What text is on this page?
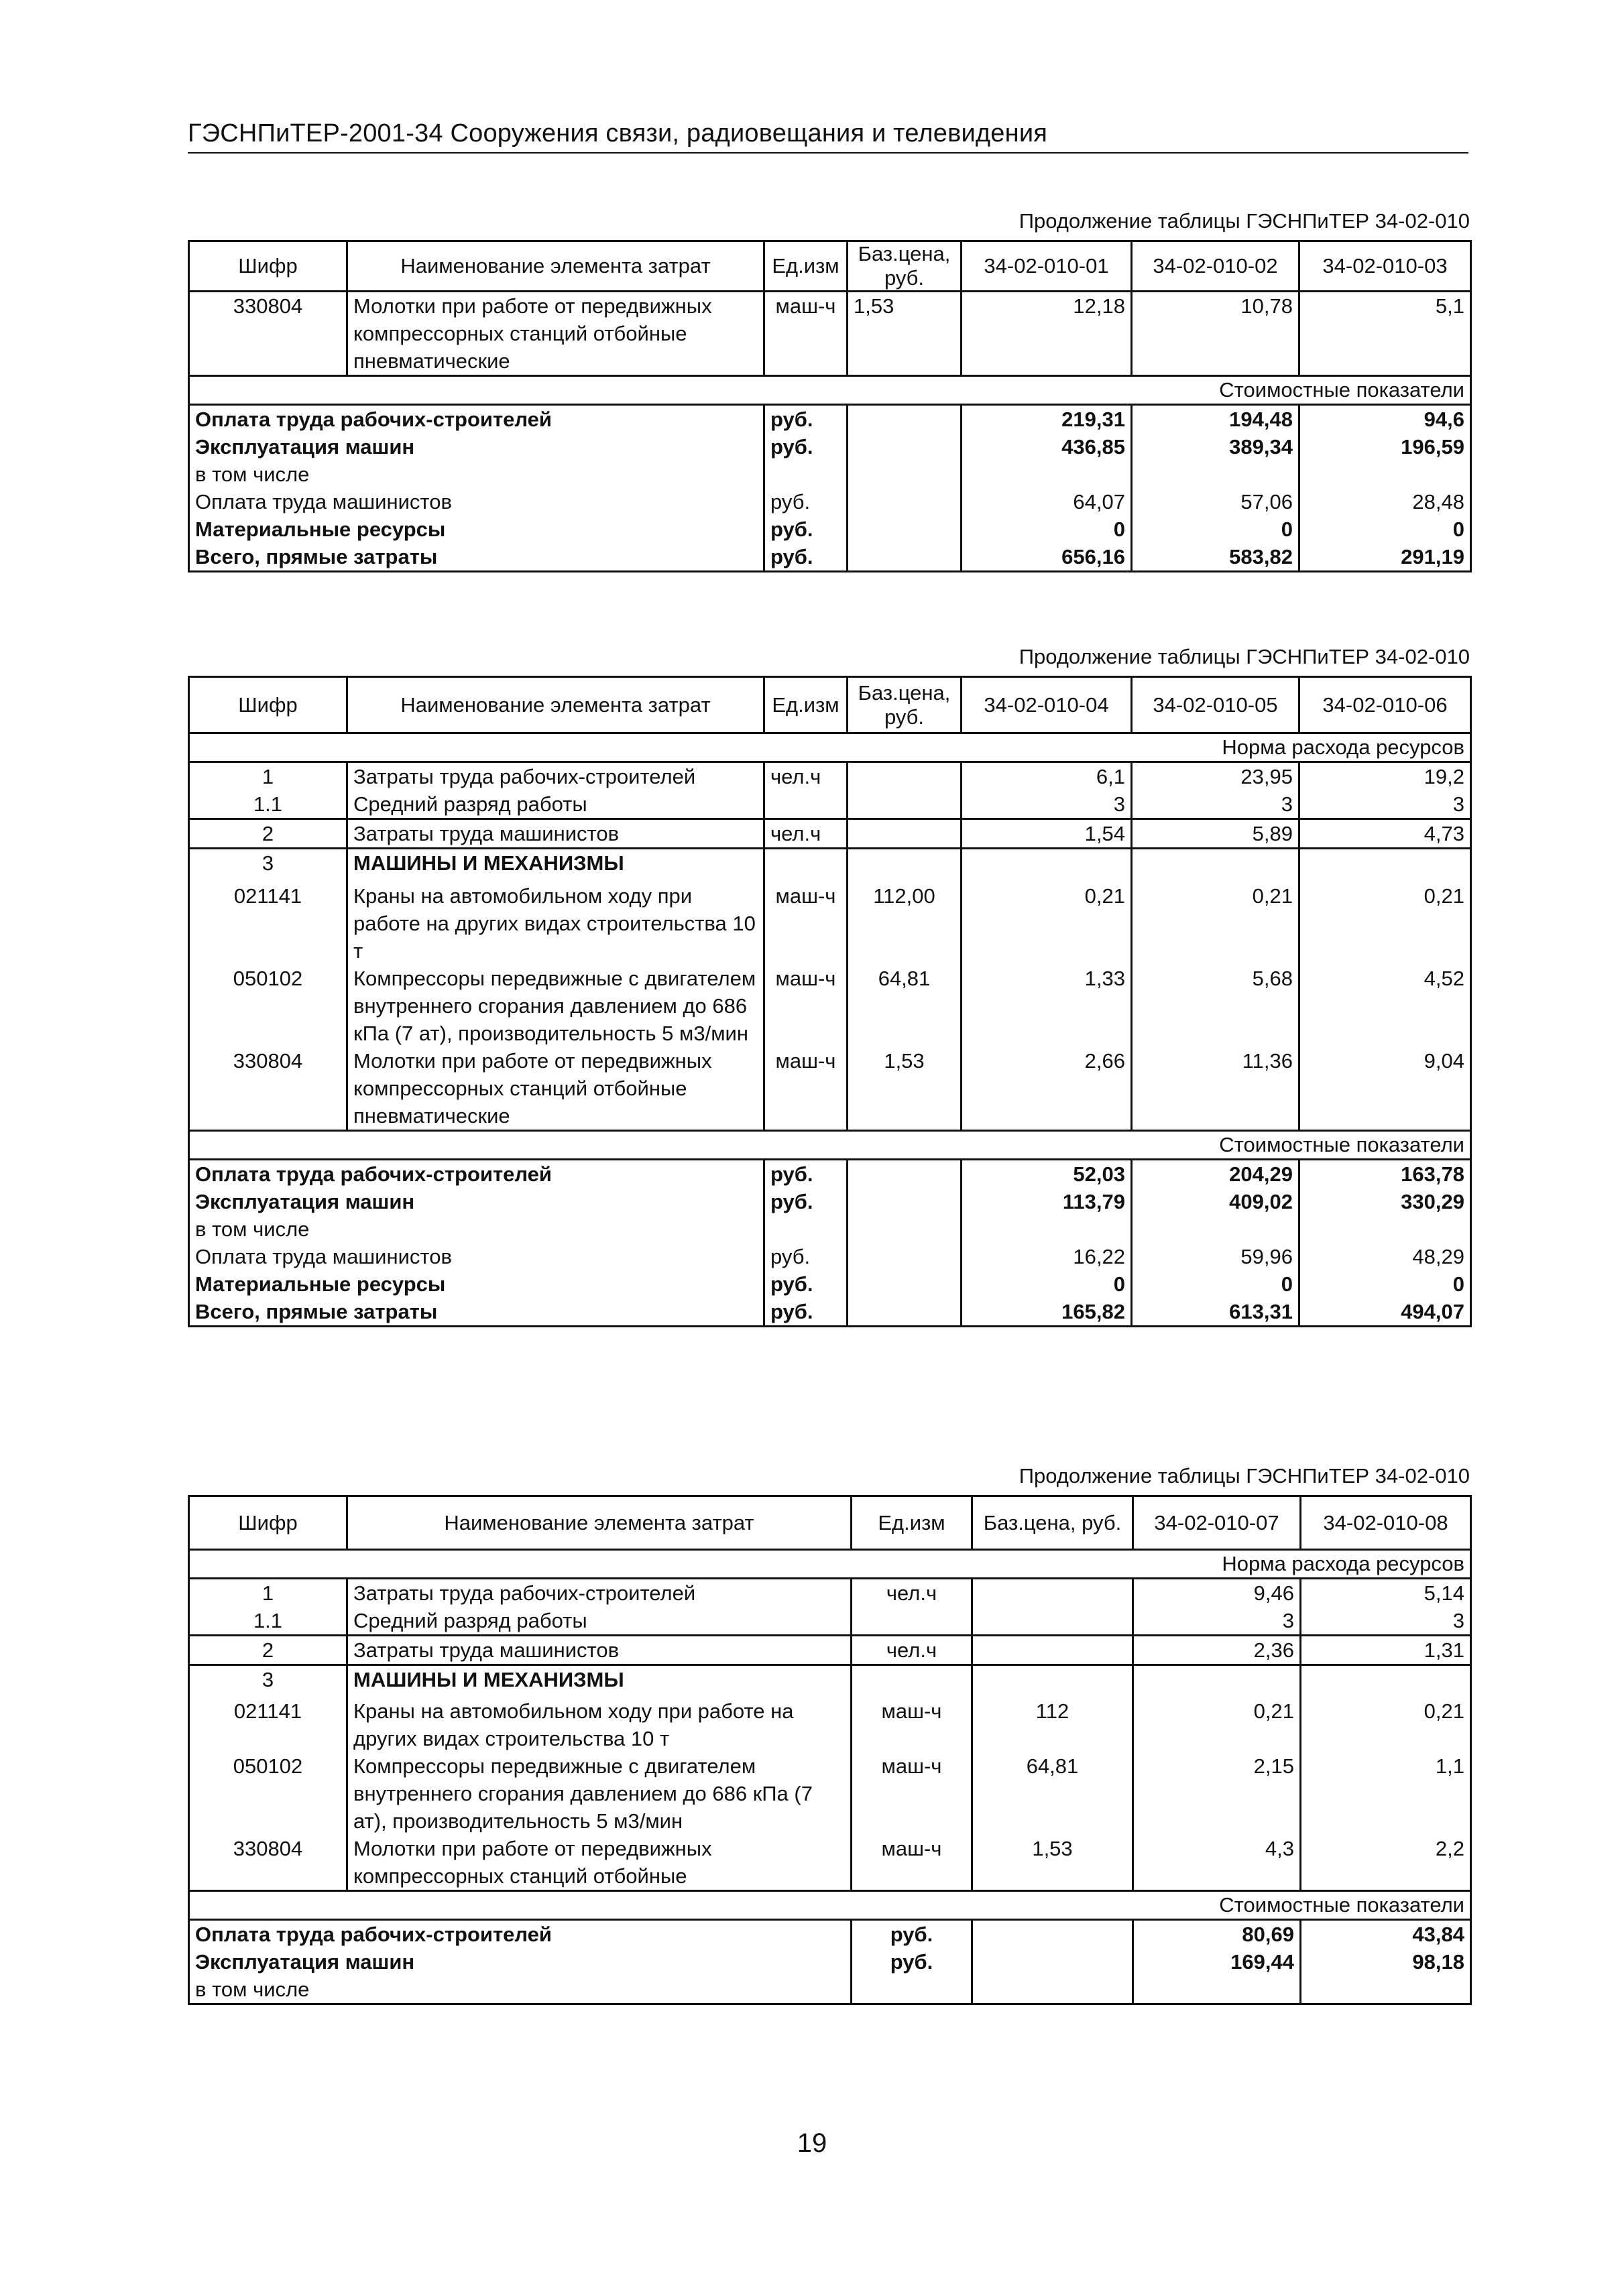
ГЭСНПиТЕР-2001-34 Сооружения связи, радиовещания и телевидения
Продолжение таблицы ГЭСНПиТЕР 34-02-010
Шифр	Наименование элемента затрат	Ед.изм	Баз.цена, руб.	34-02-010-01	34-02-010-02	34-02-010-03
330804	Молотки при работе от передвижных компрессорных станций отбойные пневматические	маш-ч	1,53	12,18	10,78	5,1
Стоимостные показатели						
Оплата труда рабочих-строителей		руб.		219,31	194,48	94,6
Эксплуатация машин		руб.		436,85	389,34	196,59
в том числе						
Оплата труда машинистов		руб.		64,07	57,06	28,48
Материальные ресурсы		руб.		0	0	0
Всего, прямые затраты		руб.		656,16	583,82	291,19
Продолжение таблицы ГЭСНПиТЕР 34-02-010
Шифр	Наименование элемента затрат	Ед.изм	Баз.цена, руб.	34-02-010-04	34-02-010-05	34-02-010-06
Норма расхода ресурсов						
1	Затраты труда рабочих-строителей	чел.ч		6,1	23,95	19,2
1.1	Средний разряд работы			3	3	3
2	Затраты труда машинистов	чел.ч		1,54	5,89	4,73
3	МАШИНЫ И МЕХАНИЗМЫ					
021141	Краны на автомобильном ходу при работе на других видах строительства 10 т	маш-ч	112,00	0,21	0,21	0,21
050102	Компрессоры передвижные с двигателем внутреннего сгорания давлением до 686 кПа (7 ат), производительность 5 м3/мин	маш-ч	64,81	1,33	5,68	4,52
330804	Молотки при работе от передвижных компрессорных станций отбойные пневматические	маш-ч	1,53	2,66	11,36	9,04
Стоимостные показатели						
Оплата труда рабочих-строителей		руб.		52,03	204,29	163,78
Эксплуатация машин		руб.		113,79	409,02	330,29
в том числе						
Оплата труда машинистов		руб.		16,22	59,96	48,29
Материальные ресурсы		руб.		0	0	0
Всего, прямые затраты		руб.		165,82	613,31	494,07
Продолжение таблицы ГЭСНПиТЕР 34-02-010
Шифр	Наименование элемента затрат	Ед.изм	Баз.цена, руб.	34-02-010-07	34-02-010-08
Норма расхода ресурсов					
1	Затраты труда рабочих-строителей	чел.ч		9,46	5,14
1.1	Средний разряд работы			3	3
2	Затраты труда машинистов	чел.ч		2,36	1,31
3	МАШИНЫ И МЕХАНИЗМЫ				
021141	Краны на автомобильном ходу при работе на других видах строительства 10 т	маш-ч	112	0,21	0,21
050102	Компрессоры передвижные с двигателем внутреннего сгорания давлением до 686 кПа (7 ат), производительность 5 м3/мин	маш-ч	64,81	2,15	1,1
330804	Молотки при работе от передвижных компрессорных станций отбойные	маш-ч	1,53	4,3	2,2
Стоимостные показатели					
Оплата труда рабочих-строителей		руб.		80,69	43,84
Эксплуатация машин		руб.		169,44	98,18
в том числе					
19
